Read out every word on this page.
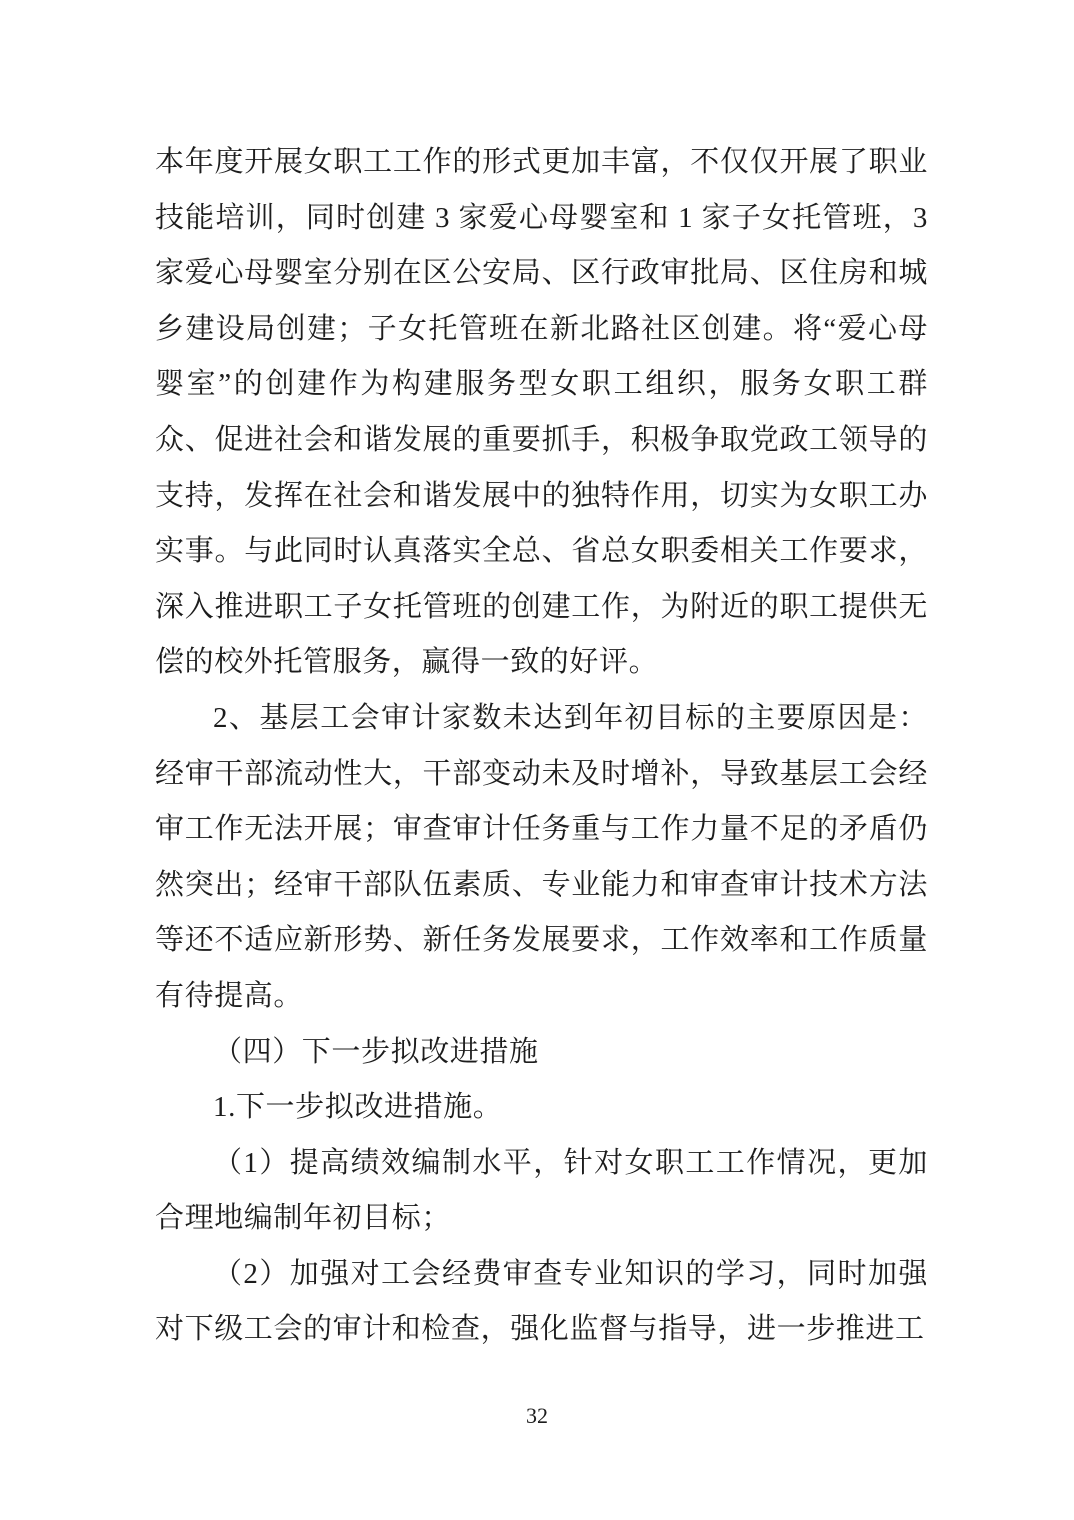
本年度开展女职工工作的形式更加丰富，不仅仅开展了职业技能培训，同时创建 3 家爱心母婴室和 1 家子女托管班，3 家爱心母婴室分别在区公安局、区行政审批局、区住房和城乡建设局创建；子女托管班在新北路社区创建。将“爱心母婴室”的创建作为构建服务型女职工组织，服务女职工群众、促进社会和谐发展的重要抓手，积极争取党政工领导的支持，发挥在社会和谐发展中的独特作用，切实为女职工办实事。与此同时认真落实全总、省总女职委相关工作要求，深入推进职工子女托管班的创建工作，为附近的职工提供无偿的校外托管服务，赢得一致的好评。

2、基层工会审计家数未达到年初目标的主要原因是：经审干部流动性大，干部变动未及时增补，导致基层工会经审工作无法开展；审查审计任务重与工作力量不足的矛盾仍然突出；经审干部队伍素质、专业能力和审查审计技术方法等还不适应新形势、新任务发展要求，工作效率和工作质量有待提高。

（四）下一步拟改进措施

1.下一步拟改进措施。

（1）提高绩效编制水平，针对女职工工作情况，更加合理地编制年初目标；

（2）加强对工会经费审查专业知识的学习，同时加强对下级工会的审计和检查，强化监督与指导，进一步推进工

32
